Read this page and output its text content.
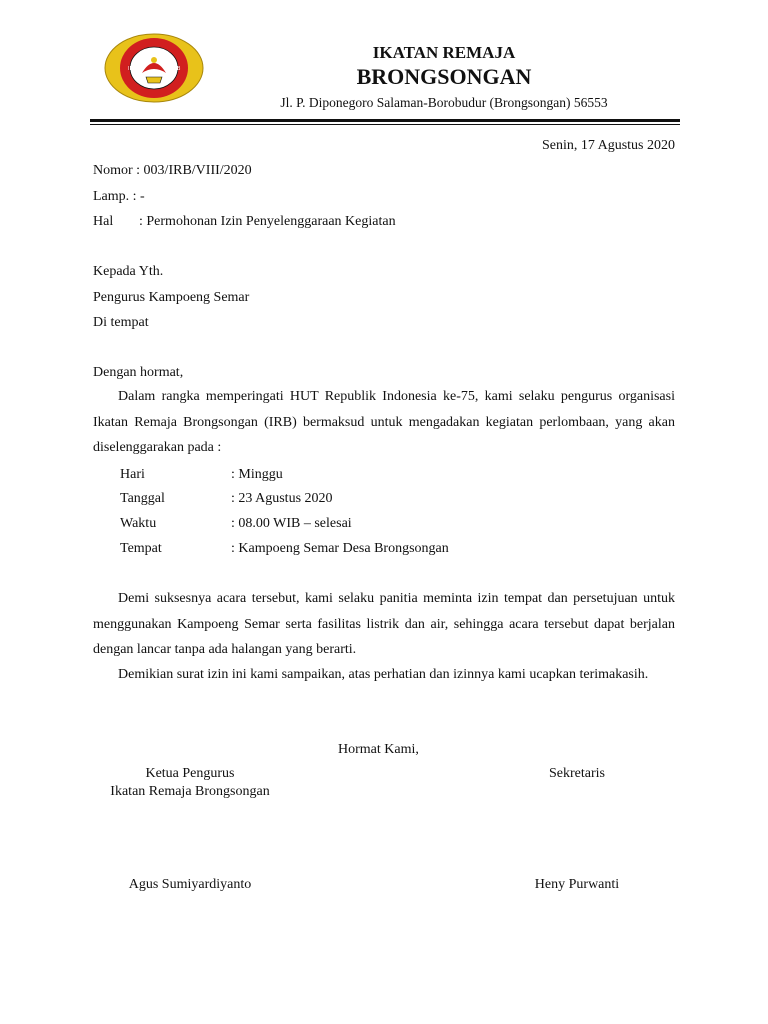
IRB	IRB
IKATAN REMAJA
BRONGSONGAN
Jl. P. Diponegoro Salaman-Borobudur (Brongsongan) 56553
Senin, 17 Agustus 2020
Nomor : 003/IRB/VIII/2020
Lamp. : -
Hal : Permohonan Izin Penyelenggaraan Kegiatan
Kepada Yth.
Pengurus Kampoeng Semar
Di tempat
Dengan hormat,
Dalam rangka memperingati HUT Republik Indonesia ke-75, kami selaku pengurus organisasi Ikatan Remaja Brongsongan (IRB) bermaksud untuk mengadakan kegiatan perlombaan, yang akan diselenggarakan pada :
Hari	: Minggu
Tanggal	: 23 Agustus 2020
Waktu	: 08.00 WIB – selesai
Tempat	: Kampoeng Semar Desa Brongsongan
Demi suksesnya acara tersebut, kami selaku panitia meminta izin tempat dan persetujuan untuk menggunakan Kampoeng Semar serta fasilitas listrik dan air, sehingga acara tersebut dapat berjalan dengan lancar tanpa ada halangan yang berarti.
Demikian surat izin ini kami sampaikan, atas perhatian dan izinnya kami ucapkan terimakasih.
Hormat Kami,
Ketua Pengurus
Ikatan Remaja Brongsongan
Agus Sumiyardiyanto
Sekretaris
Heny Purwanti
